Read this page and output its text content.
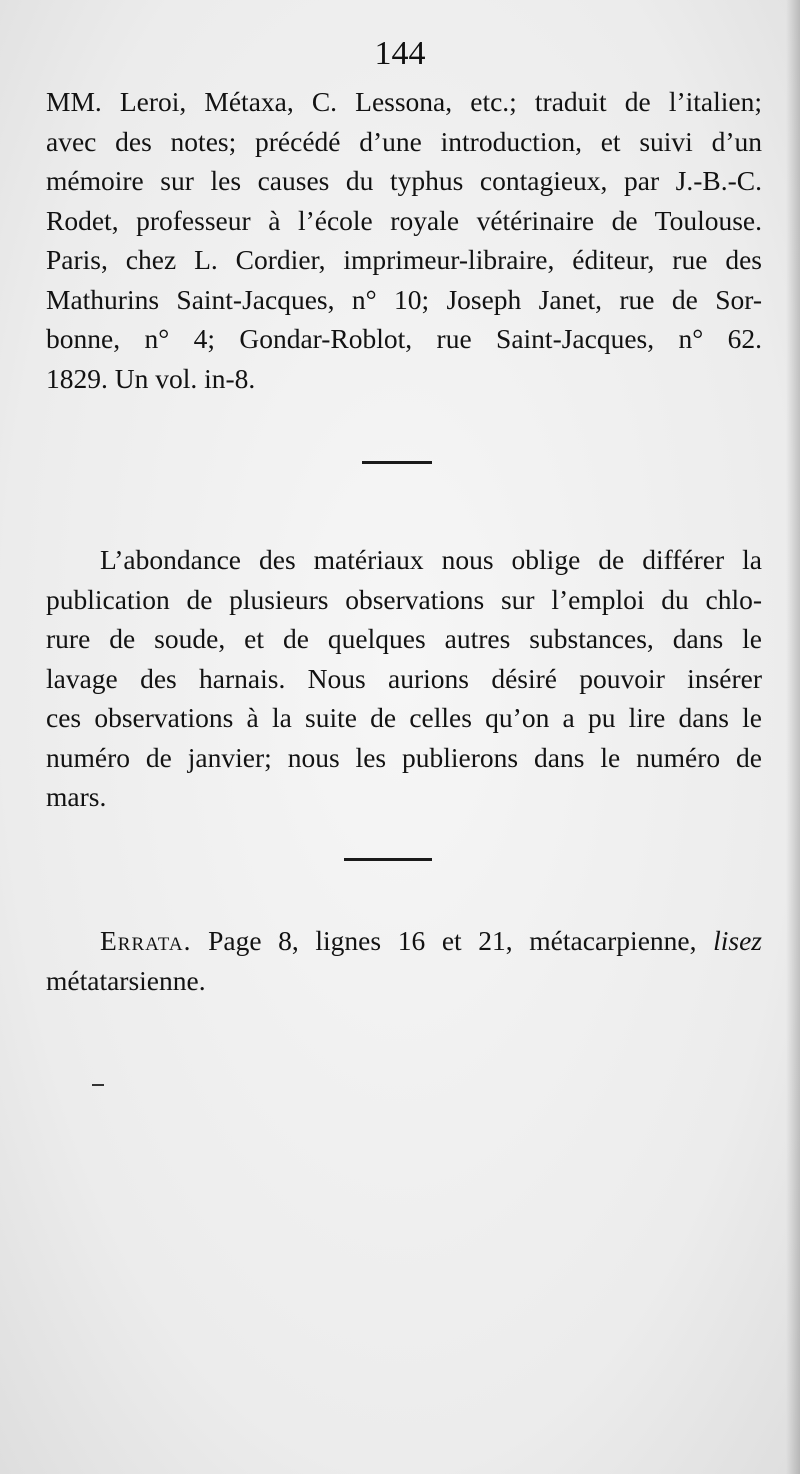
144
MM. Leroi, Métaxa, C. Lessona, etc.; traduit de l’italien;
avec des notes; précédé d’une introduction, et suivi d’un
mémoire sur les causes du typhus contagieux, par J.-B.-C.
Rodet, professeur à l’école royale vétérinaire de Toulouse.
Paris, chez L. Cordier, imprimeur-libraire, éditeur, rue des
Mathurins Saint-Jacques, n° 10; Joseph Janet, rue de Sor-
bonne, n° 4; Gondar-Roblot, rue Saint-Jacques, n° 62.
1829. Un vol. in-8.
L’abondance des matériaux nous oblige de différer la
publication de plusieurs observations sur l’emploi du chlo-
rure de soude, et de quelques autres substances, dans le
lavage des harnais. Nous aurions désiré pouvoir insérer
ces observations à la suite de celles qu’on a pu lire dans le
numéro de janvier; nous les publierons dans le numéro de
mars.
Errata. Page 8, lignes 16 et 21, métacarpienne, lisez
métatarsienne.
